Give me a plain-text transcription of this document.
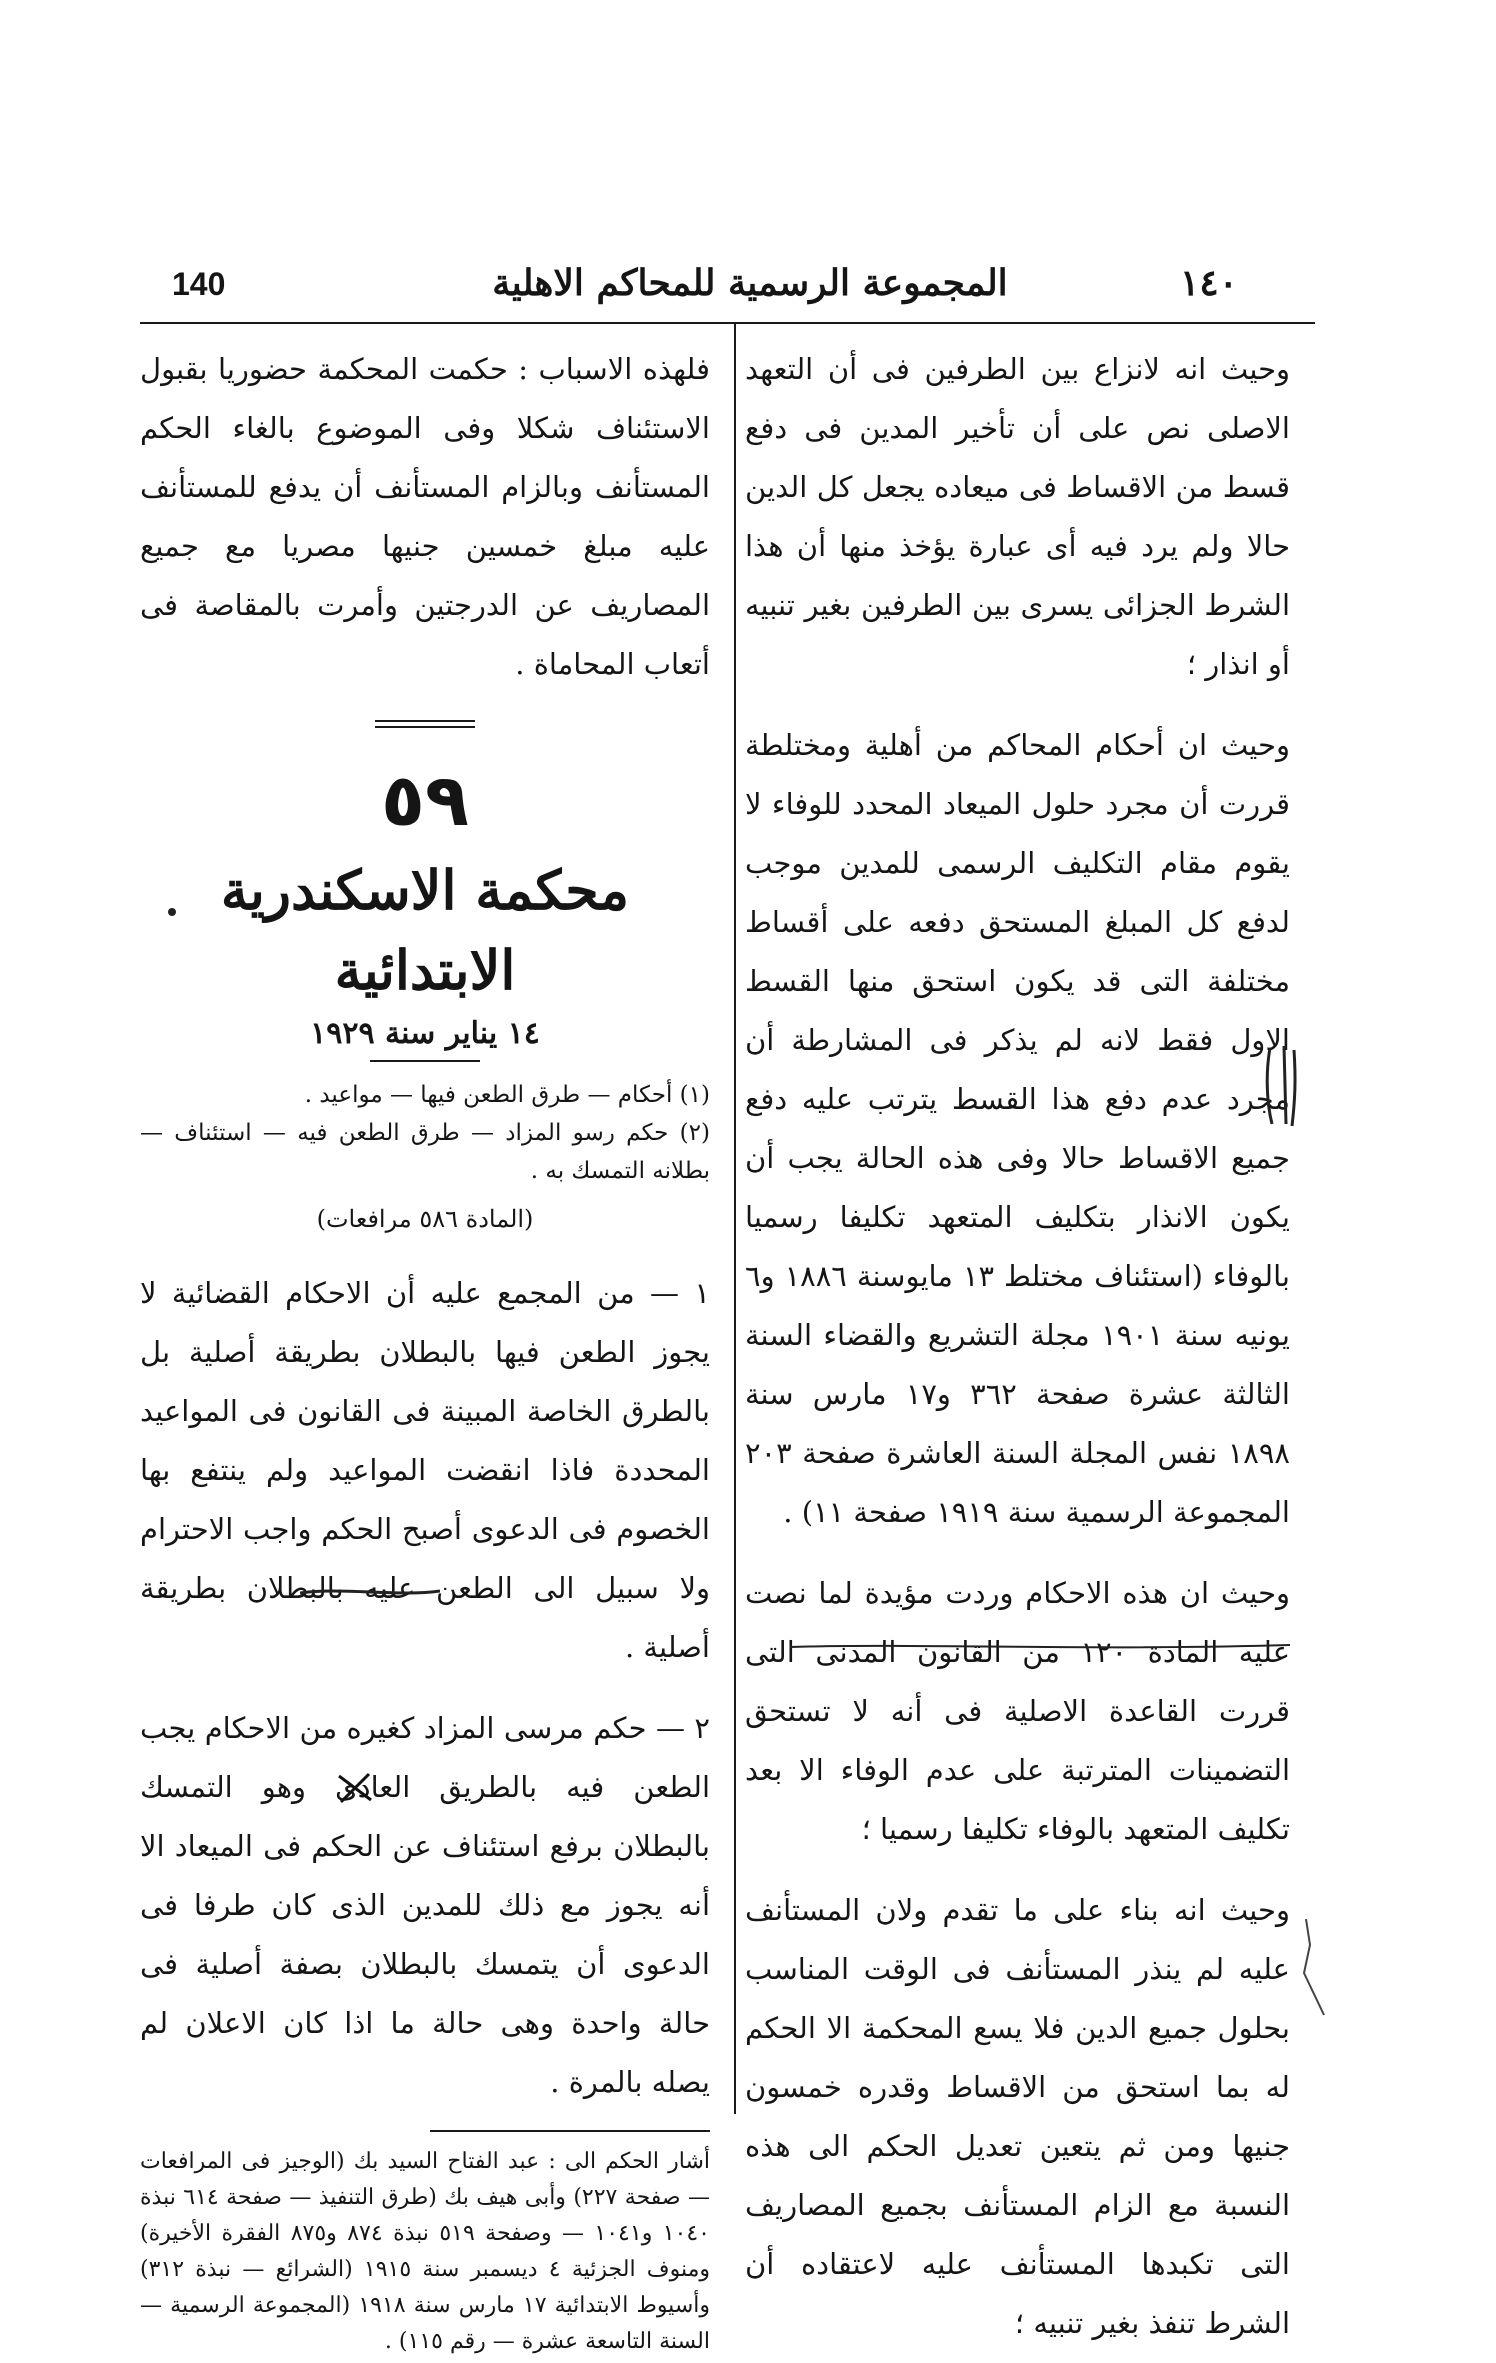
١٤٠
المجموعة الرسمية للمحاكم الاهلية
140

وحيث انه لانزاع بين الطرفين فى أن التعهد الاصلى نص على أن تأخير المدين فى دفع قسط من الاقساط فى ميعاده يجعل كل الدين حالا ولم يرد فيه أى عبارة يؤخذ منها أن هذا الشرط الجزائى يسرى بين الطرفين بغير تنبيه أو انذار ؛

وحيث ان أحكام المحاكم من أهلية ومختلطة قررت أن مجرد حلول الميعاد المحدد للوفاء لا يقوم مقام التكليف الرسمى للمدين موجب لدفع كل المبلغ المستحق دفعه على أقساط مختلفة التى قد يكون استحق منها القسط الاول فقط لانه لم يذكر فى المشارطة أن مجرد عدم دفع هذا القسط يترتب عليه دفع جميع الاقساط حالا وفى هذه الحالة يجب أن يكون الانذار بتكليف المتعهد تكليفا رسميا بالوفاء (استئناف مختلط ١٣ مايوسنة ١٨٨٦ و٦ يونيه سنة ١٩٠١ مجلة التشريع والقضاء السنة الثالثة عشرة صفحة ٣٦٢ و١٧ مارس سنة ١٨٩٨ نفس المجلة السنة العاشرة صفحة ٢٠٣ المجموعة الرسمية سنة ١٩١٩ صفحة ١١) .

وحيث ان هذه الاحكام وردت مؤيدة لما نصت عليه المادة ١٢٠ من القانون المدنى التى قررت القاعدة الاصلية فى أنه لا تستحق التضمينات المترتبة على عدم الوفاء الا بعد تكليف المتعهد بالوفاء تكليفا رسميا ؛

وحيث انه بناء على ما تقدم ولان المستأنف عليه لم ينذر المستأنف فى الوقت المناسب بحلول جميع الدين فلا يسع المحكمة الا الحكم له بما استحق من الاقساط وقدره خمسون جنيها ومن ثم يتعين تعديل الحكم الى هذه النسبة مع الزام المستأنف بجميع المصاريف التى تكبدها المستأنف عليه لاعتقاده أن الشرط تنفذ بغير تنبيه ؛

فلهذه الاسباب : حكمت المحكمة حضوريا بقبول الاستئناف شكلا وفى الموضوع بالغاء الحكم المستأنف وبالزام المستأنف أن يدفع للمستأنف عليه مبلغ خمسين جنيها مصريا مع جميع المصاريف عن الدرجتين وأمرت بالمقاصة فى أتعاب المحاماة .

٥٩
محكمة الاسكندرية الابتدائية
١٤ يناير سنة ١٩٢٩

(١) أحكام — طرق الطعن فيها — مواعيد .

(٢) حكم رسو المزاد — طرق الطعن فيه — استئناف — بطلانه التمسك به .

(المادة ٥٨٦ مرافعات)

١ — من المجمع عليه أن الاحكام القضائية لا يجوز الطعن فيها بالبطلان بطريقة أصلية بل بالطرق الخاصة المبينة فى القانون فى المواعيد المحددة فاذا انقضت المواعيد ولم ينتفع بها الخصوم فى الدعوى أصبح الحكم واجب الاحترام ولا سبيل الى الطعن عليه بالبطلان بطريقة أصلية .

٢ — حكم مرسى المزاد كغيره من الاحكام يجب الطعن فيه بالطريق العادى وهو التمسك بالبطلان برفع استئناف عن الحكم فى الميعاد الا أنه يجوز مع ذلك للمدين الذى كان طرفا فى الدعوى أن يتمسك بالبطلان بصفة أصلية فى حالة واحدة وهى حالة ما اذا كان الاعلان لم يصله بالمرة .

أشار الحكم الى : عبد الفتاح السيد بك (الوجيز فى المرافعات — صفحة ٢٢٧) وأبى هيف بك (طرق التنفيذ — صفحة ٦١٤ نبذة ١٠٤٠ و١٠٤١ — وصفحة ٥١٩ نبذة ٨٧٤ و٨٧٥ الفقرة الأخيرة) ومنوف الجزئية ٤ ديسمبر سنة ١٩١٥ (الشرائع — نبذة ٣١٢) وأسيوط الابتدائية ١٧ مارس سنة ١٩١٨ (المجموعة الرسمية — السنة التاسعة عشرة — رقم ١١٥) .
